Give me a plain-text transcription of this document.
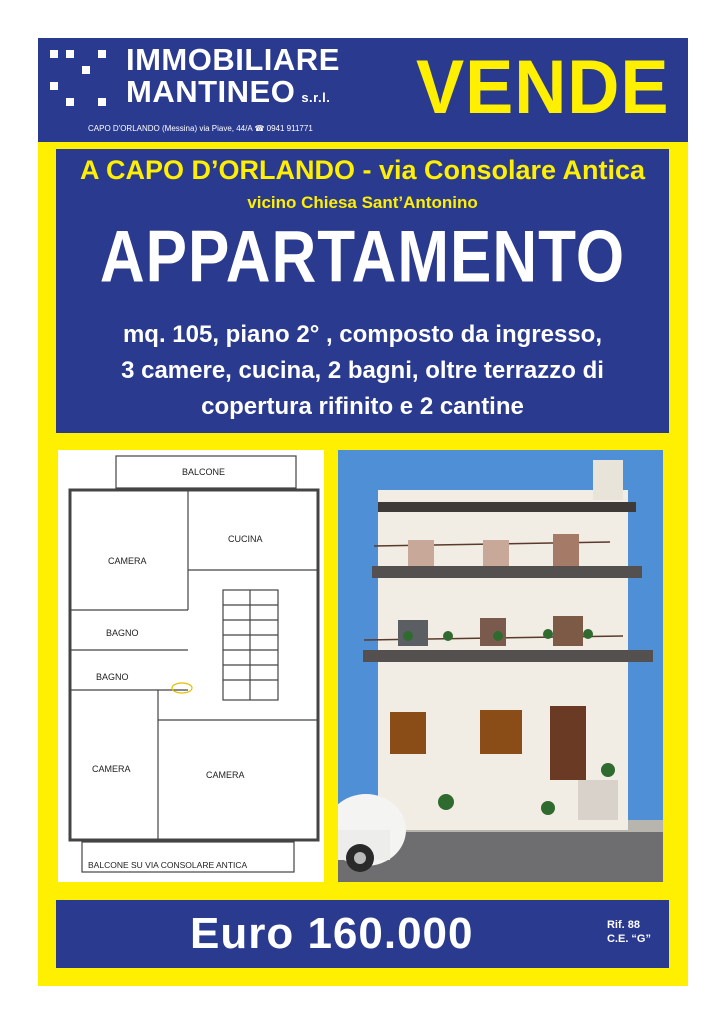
IMMOBILIARE
MANTINEO s.r.l.
CAPO D'ORLANDO (Messina) via Piave, 44/A ☎ 0941 911771 VENDE
A CAPO D’ORLANDO - via Consolare Antica
vicino Chiesa Sant’Antonino
APPARTAMENTO
mq. 105, piano 2° , composto da ingresso,
3 camere, cucina, 2 bagni, oltre terrazzo di
copertura rifinito e 2 cantine
BALCONE
CUCINA
CAMERA
BAGNO
BAGNO
CAMERA
CAMERA
BALCONE SU VIA CONSOLARE ANTICA
Euro 160.000	Rif. 88
C.E. “G”
